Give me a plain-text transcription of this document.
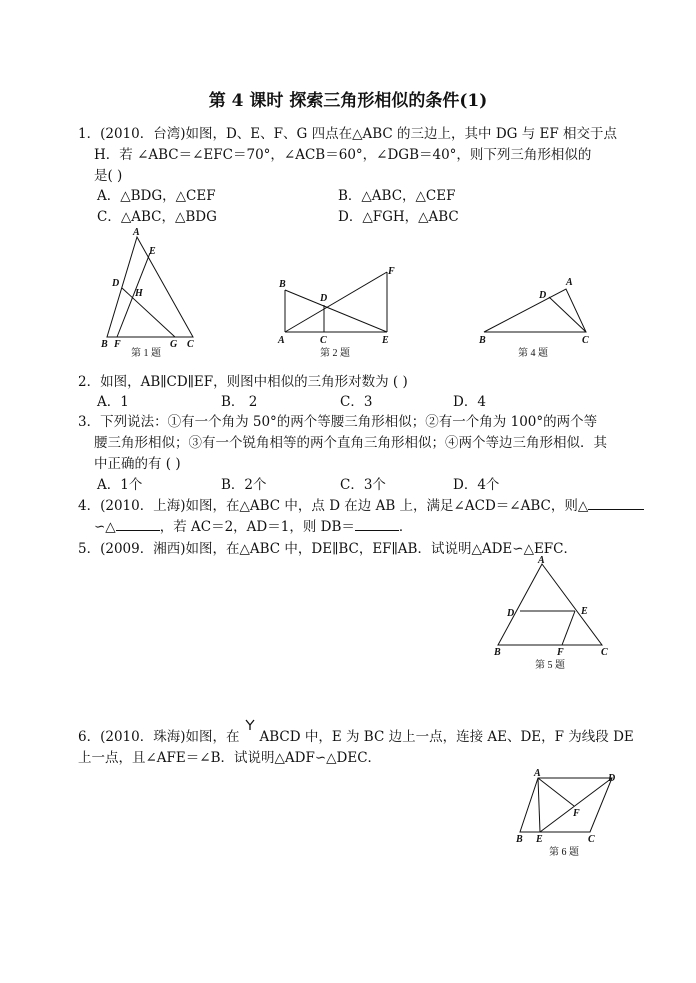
第 4 课时 探索三角形相似的条件(1)
1．(2010．台湾)如图，D、E、F、G 四点在△ABC 的三边上，其中 DG 与 EF 相交于点
H．若 ∠ABC＝∠EFC＝70°，∠ACB＝60°，∠DGB＝40°，则下列三角形相似的
是( )
A．△BDG，△CEF	B．△ABC，△CEF
C．△ABC，△BDG	D．△FGH，△ABC
A
E
D
H
B F	G C
第 1 题
B
F
D
A	C	E
第 2 题
A
D
B	C
第 4 题
2．如图，AB∥CD∥EF，则图中相似的三角形对数为 ( )
A．1	B． 2	C．3	D．4
3．下列说法：①有一个角为 50°的两个等腰三角形相似；②有一个角为 100°的两个等
腰三角形相似；③有一个锐角相等的两个直角三角形相似；④两个等边三角形相似．其
中正确的有 ( )
A．1个	B．2个	C．3个	D．4个
4．(2010．上海)如图，在△ABC 中，点 D 在边 AB 上，满足∠ACD＝∠ABC，则△
∽△	，若 AC＝2，AD＝1，则 DB＝	．
5．(2009．湘西)如图，在△ABC 中，DE∥BC，EF∥AB．试说明△ADE∽△EFC．
A
D	E
B	F	C
第 5 题
6．(2010．珠海)如图，在 ABCD 中，E 为 BC 边上一点，连接 AE、DE，F 为线段 DE
上一点，且∠AFE＝∠B．试说明△ADF∽△DEC．
A	D
F
B E	C
第 6 题
